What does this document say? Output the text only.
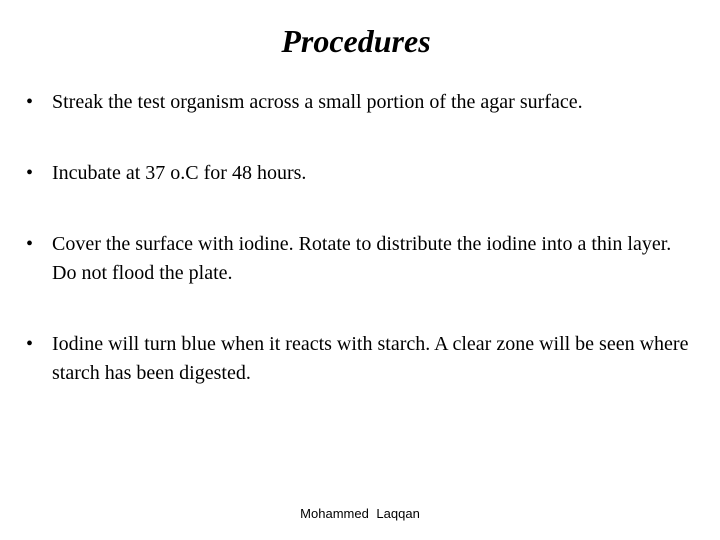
Procedures
• Streak the test organism across a small portion of the agar surface.
• Incubate at 37 o.C for 48 hours.
• Cover the surface with iodine. Rotate to distribute the iodine into a thin layer. Do not flood the plate.
• Iodine will turn blue when it reacts with starch. A clear zone will be seen where starch has been digested.
Mohammed Laqqan
